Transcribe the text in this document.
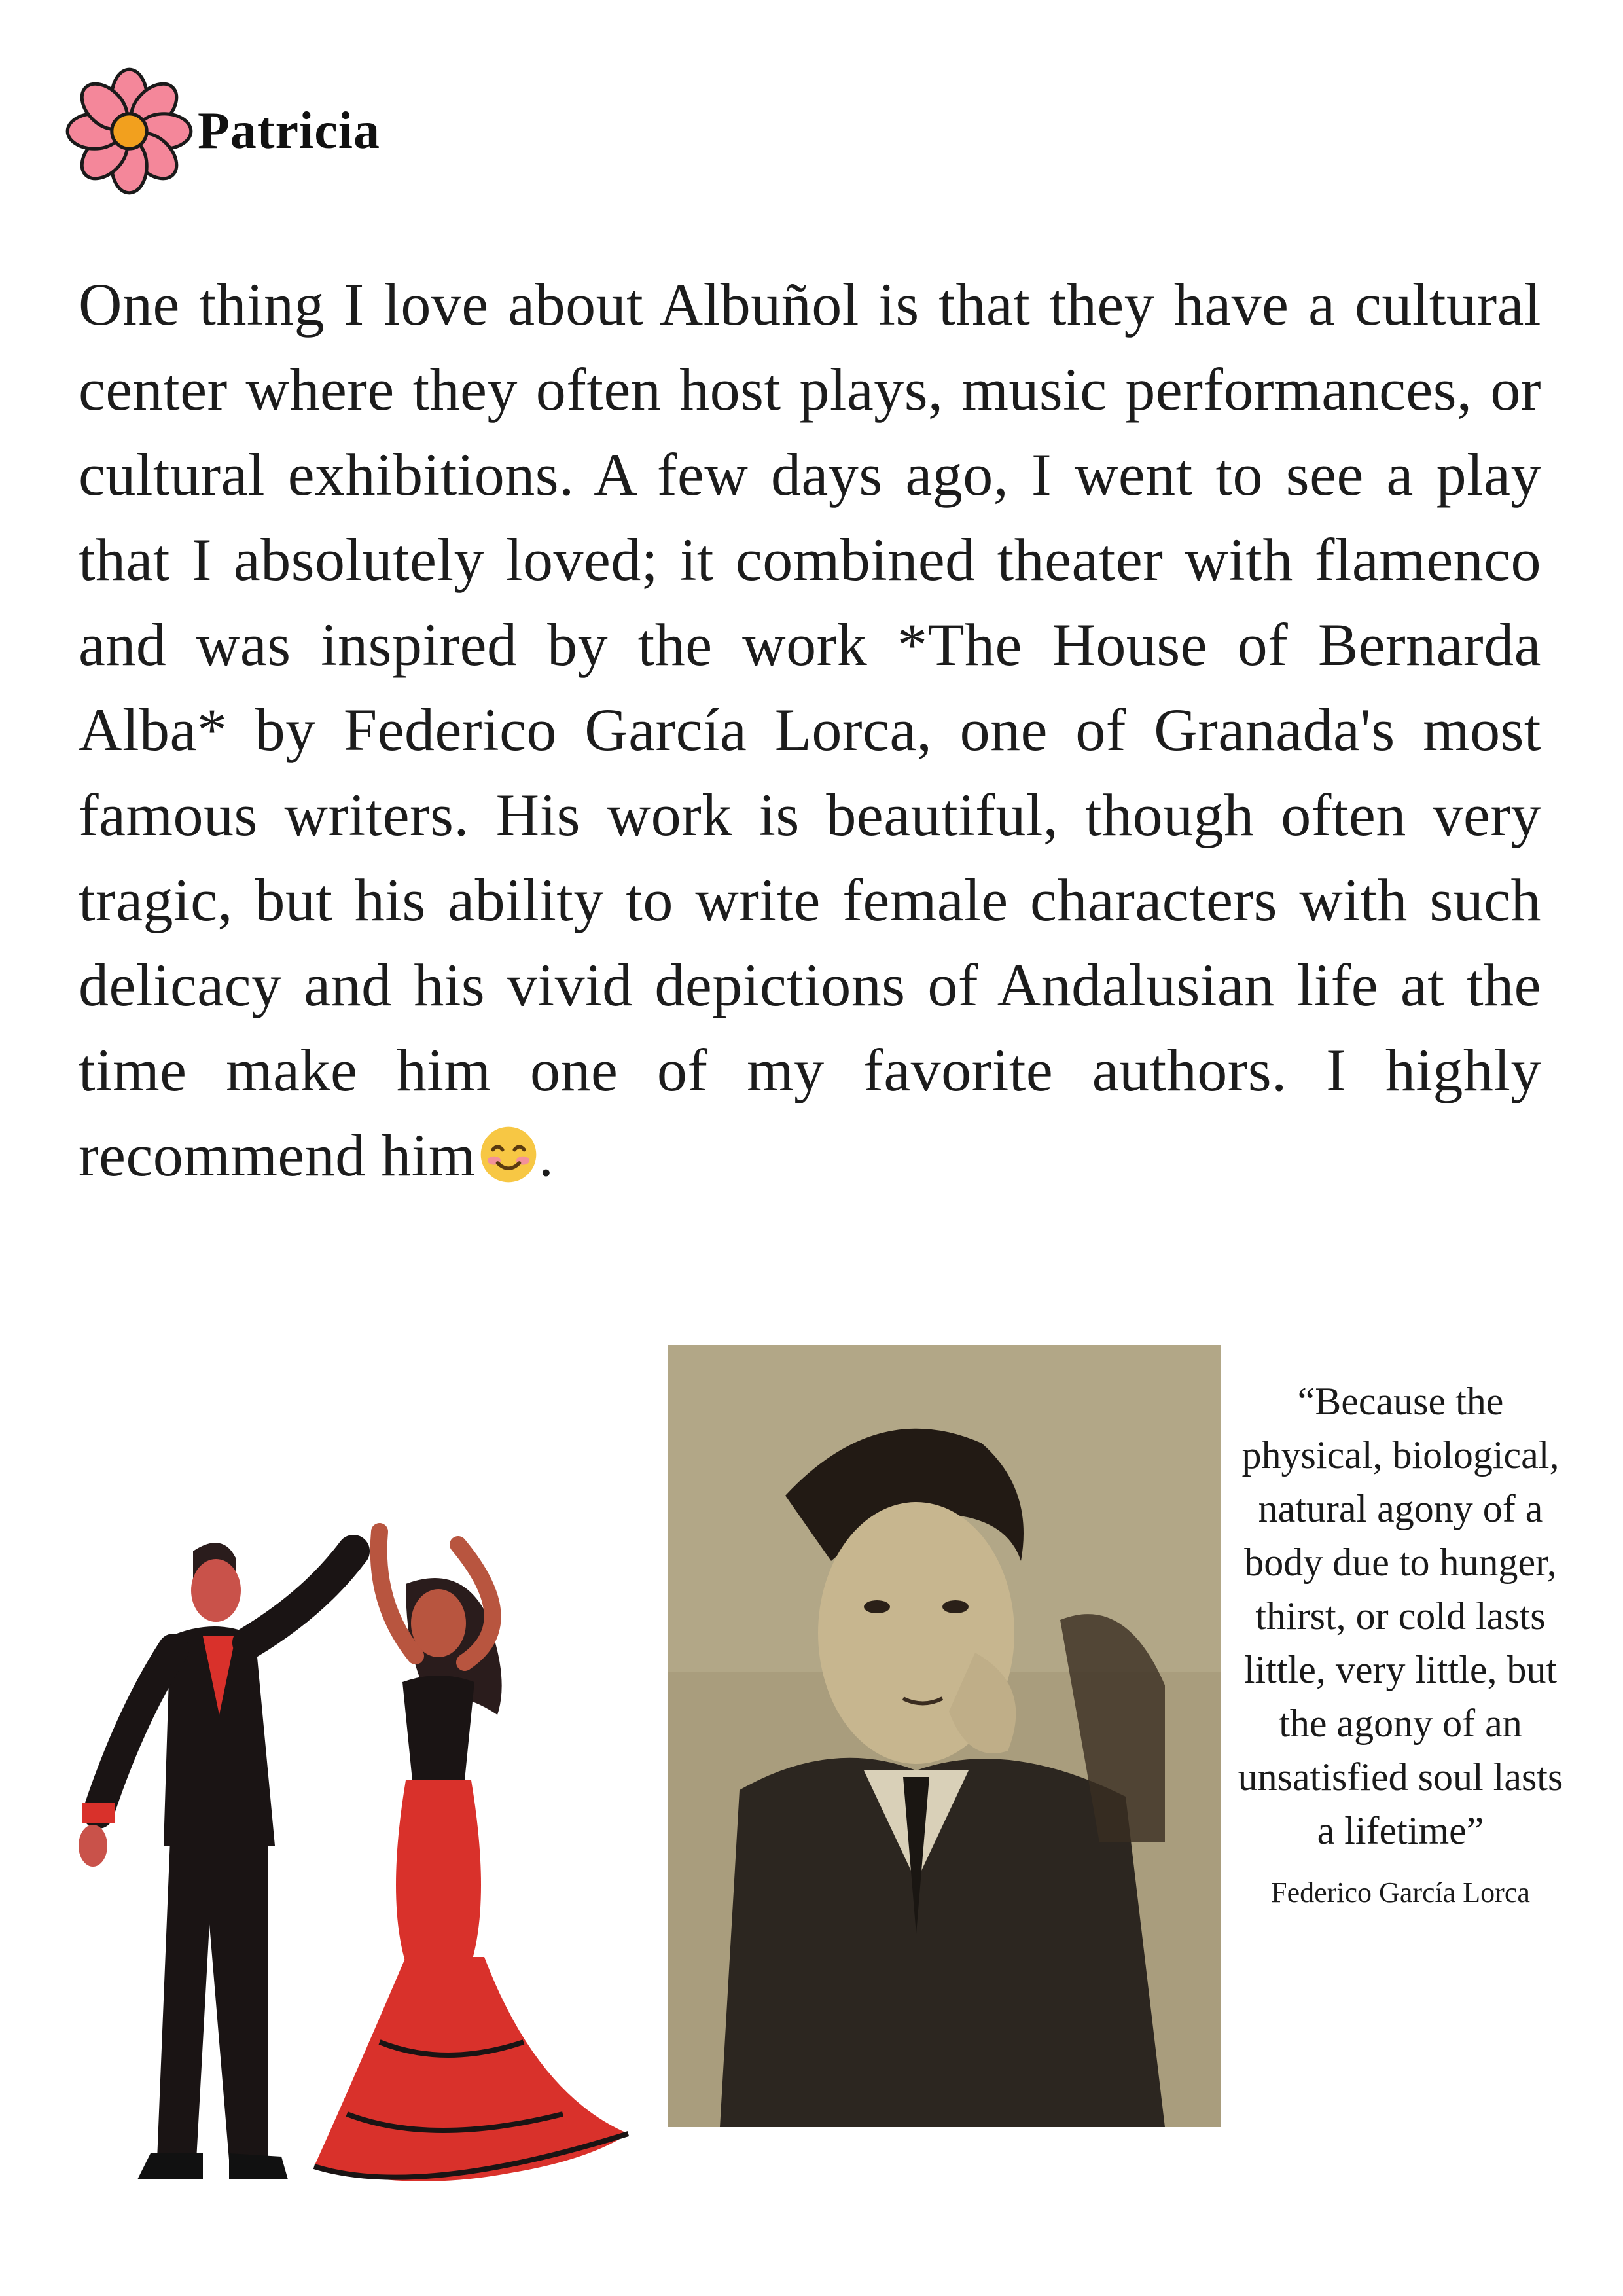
Patricia
One thing I love about Albuñol is that they have a cultural center where they often host plays, music performances, or cultural exhibitions. A few days ago, I went to see a play that I absolutely loved; it combined theater with flamenco and was inspired by the work *The House of Bernarda Alba* by Federico García Lorca, one of Granada's most famous writers. His work is beautiful, though often very tragic, but his ability to write female characters with such delicacy and his vivid depictions of Andalusian life at the time make him one of my favorite authors. I highly recommend him .

“Because the physical, biological, natural agony of a body due to hunger, thirst, or cold lasts little, very little, but the agony of an unsatisfied soul lasts a lifetime”

Federico García Lorca
